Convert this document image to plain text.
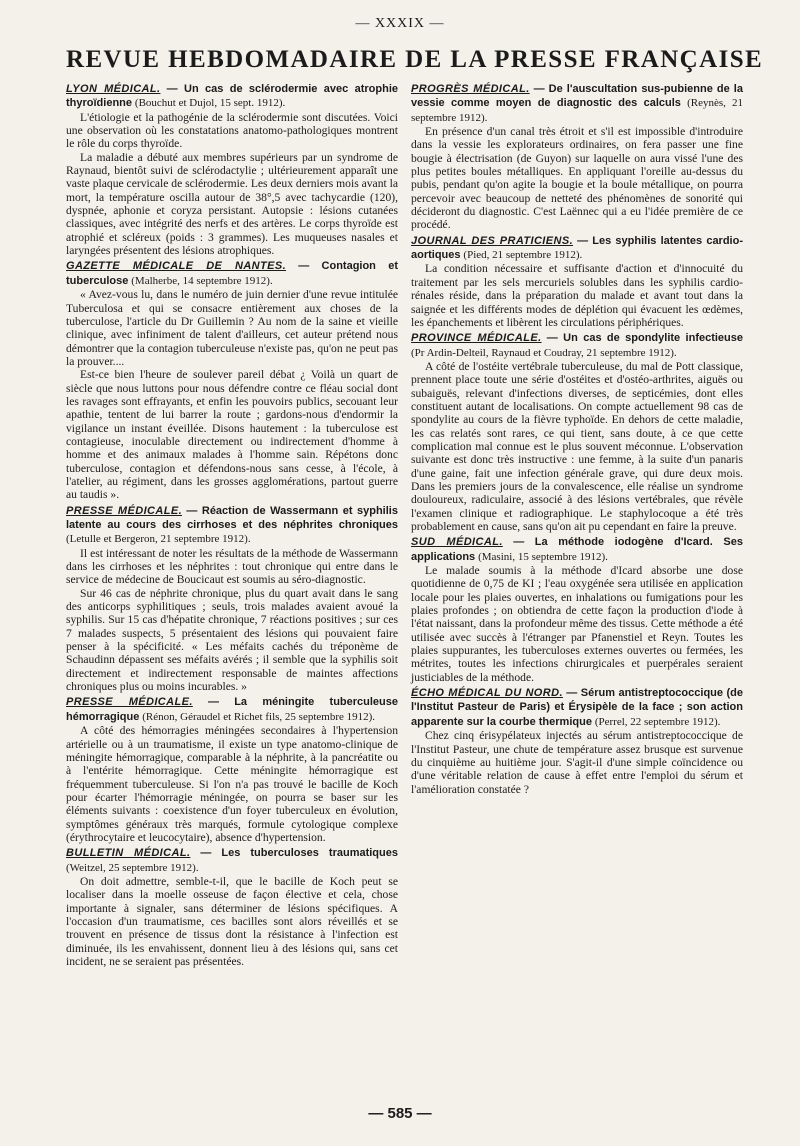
— XXXIX —
REVUE HEBDOMADAIRE DE LA PRESSE FRANÇAISE

LYON MÉDICAL. — Un cas de sclérodermie avec atrophie thyroïdienne (Bouchut et Dujol, 15 sept. 1912).

L'étiologie et la pathogénie de la sclérodermie sont discutées. Voici une observation où les constatations anatomo-pathologiques montrent le rôle du corps thyroïde.

La maladie a débuté aux membres supérieurs par un syndrome de Raynaud, bientôt suivi de sclérodactylie ; ultérieurement apparaît une vaste plaque cervicale de sclérodermie. Les deux derniers mois avant la mort, la température oscilla autour de 38°,5 avec tachycardie (120), dyspnée, aphonie et coryza persistant. Autopsie : lésions cutanées classiques, avec intégrité des nerfs et des artères. Le corps thyroïde est atrophié et scléreux (poids : 3 grammes). Les muqueuses nasales et laryngées présentent des lésions atrophiques.

GAZETTE MÉDICALE DE NANTES. — Contagion et tuberculose (Malherbe, 14 septembre 1912).

« Avez-vous lu, dans le numéro de juin dernier d'une revue intitulée Tuberculosa et qui se consacre entièrement aux choses de la tuberculose, l'article du Dr Guillemin ? Au nom de la saine et vieille clinique, avec infiniment de talent d'ailleurs, cet auteur prétend nous démontrer que la contagion tuberculeuse n'existe pas, qu'on ne peut pas la prouver....

Est-ce bien l'heure de soulever pareil débat ¿ Voilà un quart de siècle que nous luttons pour nous défendre contre ce fléau social dont les ravages sont effrayants, et enfin les pouvoirs publics, secouant leur apathie, tentent de lui barrer la route ; gardons-nous d'endormir la vigilance un instant éveillée. Disons hautement : la tuberculose est contagieuse, inoculable directement ou indirectement d'homme à homme et des animaux malades à l'homme sain. Répétons donc tuberculose, contagion et défendons-nous sans cesse, à l'école, à l'atelier, au régiment, dans les grosses agglomérations, partout guerre au taudis ».

PRESSE MÉDICALE. — Réaction de Wassermann et syphilis latente au cours des cirrhoses et des néphrites chroniques (Letulle et Bergeron, 21 septembre 1912).

Il est intéressant de noter les résultats de la méthode de Wassermann dans les cirrhoses et les néphrites : tout chronique qui entre dans le service de médecine de Boucicaut est soumis au séro-diagnostic.

Sur 46 cas de néphrite chronique, plus du quart avait dans le sang des anticorps syphilitiques ; seuls, trois malades avaient avoué la syphilis. Sur 15 cas d'hépatite chronique, 7 réactions positives ; sur ces 7 malades suspects, 5 présentaient des lésions qui pouvaient faire penser à la spécificité. « Les méfaits cachés du tréponème de Schaudinn dépassent ses méfaits avérés ; il semble que la syphilis soit directement et indirectement responsable de maintes affections chroniques plus ou moins incurables. »

PRESSE MÉDICALE. — La méningite tuberculeuse hémorragique (Rénon, Géraudel et Richet fils, 25 septembre 1912).

A côté des hémorragies méningées secondaires à l'hypertension artérielle ou à un traumatisme, il existe un type anatomo-clinique de méningite hémorragique, comparable à la néphrite, à la pancréatite ou à l'entérite hémorragique. Cette méningite hémorragique est fréquemment tuberculeuse. Si l'on n'a pas trouvé le bacille de Koch pour écarter l'hémorragie méningée, on pourra se baser sur les éléments suivants : coexistence d'un foyer tuberculeux en évolution, symptômes généraux très marqués, formule cytologique complexe (érythrocytaire et leucocytaire), absence d'hypertension.

BULLETIN MÉDICAL. — Les tuberculoses traumatiques (Weitzel, 25 septembre 1912).

On doit admettre, semble-t-il, que le bacille de Koch peut se localiser dans la moelle osseuse de façon élective et cela, chose importante à signaler, sans déterminer de lésions spécifiques. A l'occasion d'un traumatisme, ces bacilles sont alors réveillés et se trouvent en présence de tissus dont la résistance à l'infection est diminuée, ils les envahissent, donnent lieu à des lésions qui, sans cet incident, ne se seraient pas présentées.

PROGRÈS MÉDICAL. — De l'auscultation sus-pubienne de la vessie comme moyen de diagnostic des calculs (Reynès, 21 septembre 1912).

En présence d'un canal très étroit et s'il est impossible d'introduire dans la vessie les explorateurs ordinaires, on fera passer une fine bougie à électrisation (de Guyon) sur laquelle on aura vissé l'une des plus petites boules métalliques. En appliquant l'oreille au-dessus du pubis, pendant qu'on agite la bougie et la boule métallique, on pourra percevoir avec beaucoup de netteté des phénomènes de sonorité qui décideront du diagnostic. C'est Laënnec qui a eu l'idée première de ce procédé.

JOURNAL DES PRATICIENS. — Les syphilis latentes cardio-aortiques (Pied, 21 septembre 1912).

La condition nécessaire et suffisante d'action et d'innocuité du traitement par les sels mercuriels solubles dans les syphilis cardio-rénales réside, dans la préparation du malade et avant tout dans la saignée et les différents modes de déplétion qui évacuent les œdèmes, les épanchements et libèrent les circulations périphériques.

PROVINCE MÉDICALE. — Un cas de spondylite infectieuse (Pr Ardin-Delteil, Raynaud et Coudray, 21 septembre 1912).

A côté de l'ostéite vertébrale tuberculeuse, du mal de Pott classique, prennent place toute une série d'ostéites et d'ostéo-arthrites, aiguës ou subaiguës, relevant d'infections diverses, de septicémies, dont elles constituent autant de localisations. On compte actuellement 98 cas de spondylite au cours de la fièvre typhoïde. En dehors de cette maladie, les cas relatés sont rares, ce qui tient, sans doute, à ce que cette complication mal connue est le plus souvent méconnue. L'observation suivante est donc très instructive : une femme, à la suite d'un panaris d'une gaine, fait une infection générale grave, qui dure deux mois. Dans les premiers jours de la convalescence, elle réalise un syndrome douloureux, radiculaire, associé à des lésions vertébrales, que révèle l'examen clinique et radiographique. Le staphylocoque a été très probablement en cause, sans qu'on ait pu cependant en faire la preuve.

SUD MÉDICAL. — La méthode iodogène d'Icard. Ses applications (Masini, 15 septembre 1912).

Le malade soumis à la méthode d'Icard absorbe une dose quotidienne de 0,75 de KI ; l'eau oxygénée sera utilisée en application locale pour les plaies ouvertes, en inhalations ou fumigations pour les plaies profondes ; on obtiendra de cette façon la production d'iode à l'état naissant, dans la profondeur même des tissus. Cette méthode a été utilisée avec succès à l'étranger par Pfanenstiel et Reyn. Toutes les plaies suppurantes, les tuberculoses externes ouvertes ou fermées, les métrites, toutes les infections chirurgicales et puerpérales seraient justiciables de la méthode.

ÉCHO MÉDICAL DU NORD. — Sérum antistreptococcique (de l'Institut Pasteur de Paris) et Érysipèle de la face ; son action apparente sur la courbe thermique (Perrel, 22 septembre 1912).

Chez cinq érisypélateux injectés au sérum antistreptococcique de l'Institut Pasteur, une chute de température assez brusque est survenue du cinquième au huitième jour. S'agit-il d'une simple coïncidence ou d'une véritable relation de cause à effet entre l'emploi du sérum et l'amélioration constatée ?

— 585 —
